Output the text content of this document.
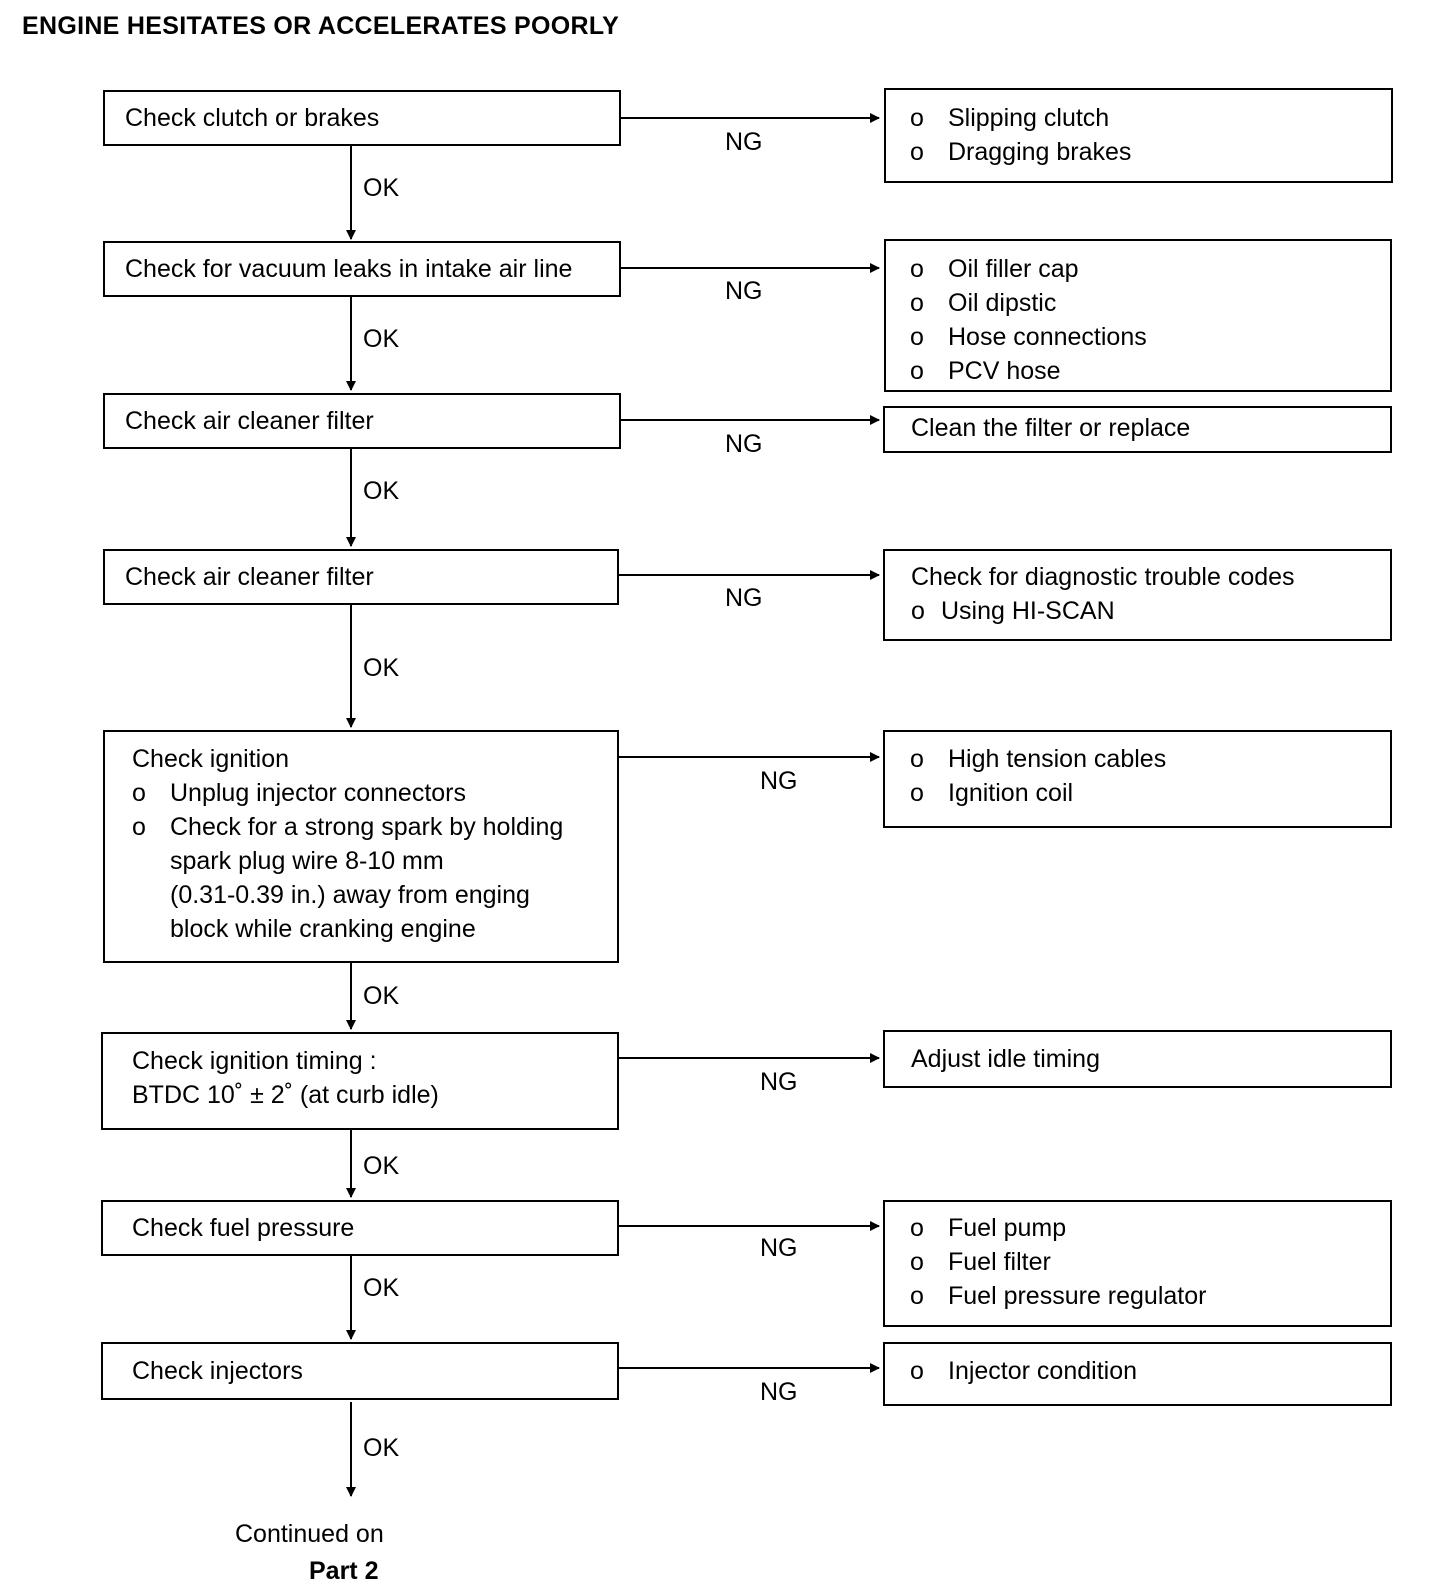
ENGINE HESITATES OR ACCELERATES POORLY
OK
OK
OK
OK
OK
OK
OK
OK
NG
NG
NG
NG
NG
NG
NG
NG
Check clutch or brakes	o Slipping clutch
o Dragging brakes
Check for vacuum leaks in intake air line	o Oil filler cap
o Oil dipstic
o Hose connections
o PCV hose
Check air cleaner filter	Clean the filter or replace
Check air cleaner filter	Check for diagnostic trouble codes
o Using HI-SCAN
Check ignition
o Unplug injector connectors
o Check for a strong spark by holding
spark plug wire 8-10 mm
(0.31-0.39 in.) away from enging
block while cranking engine
o High tension cables
o Ignition coil
Check ignition timing :
BTDC 10˚ ± 2˚ (at curb idle)
Adjust idle timing
Check fuel pressure	o Fuel pump
o Fuel filter
o Fuel pressure regulator
Check injectors	o Injector condition
Continued on
Part 2
